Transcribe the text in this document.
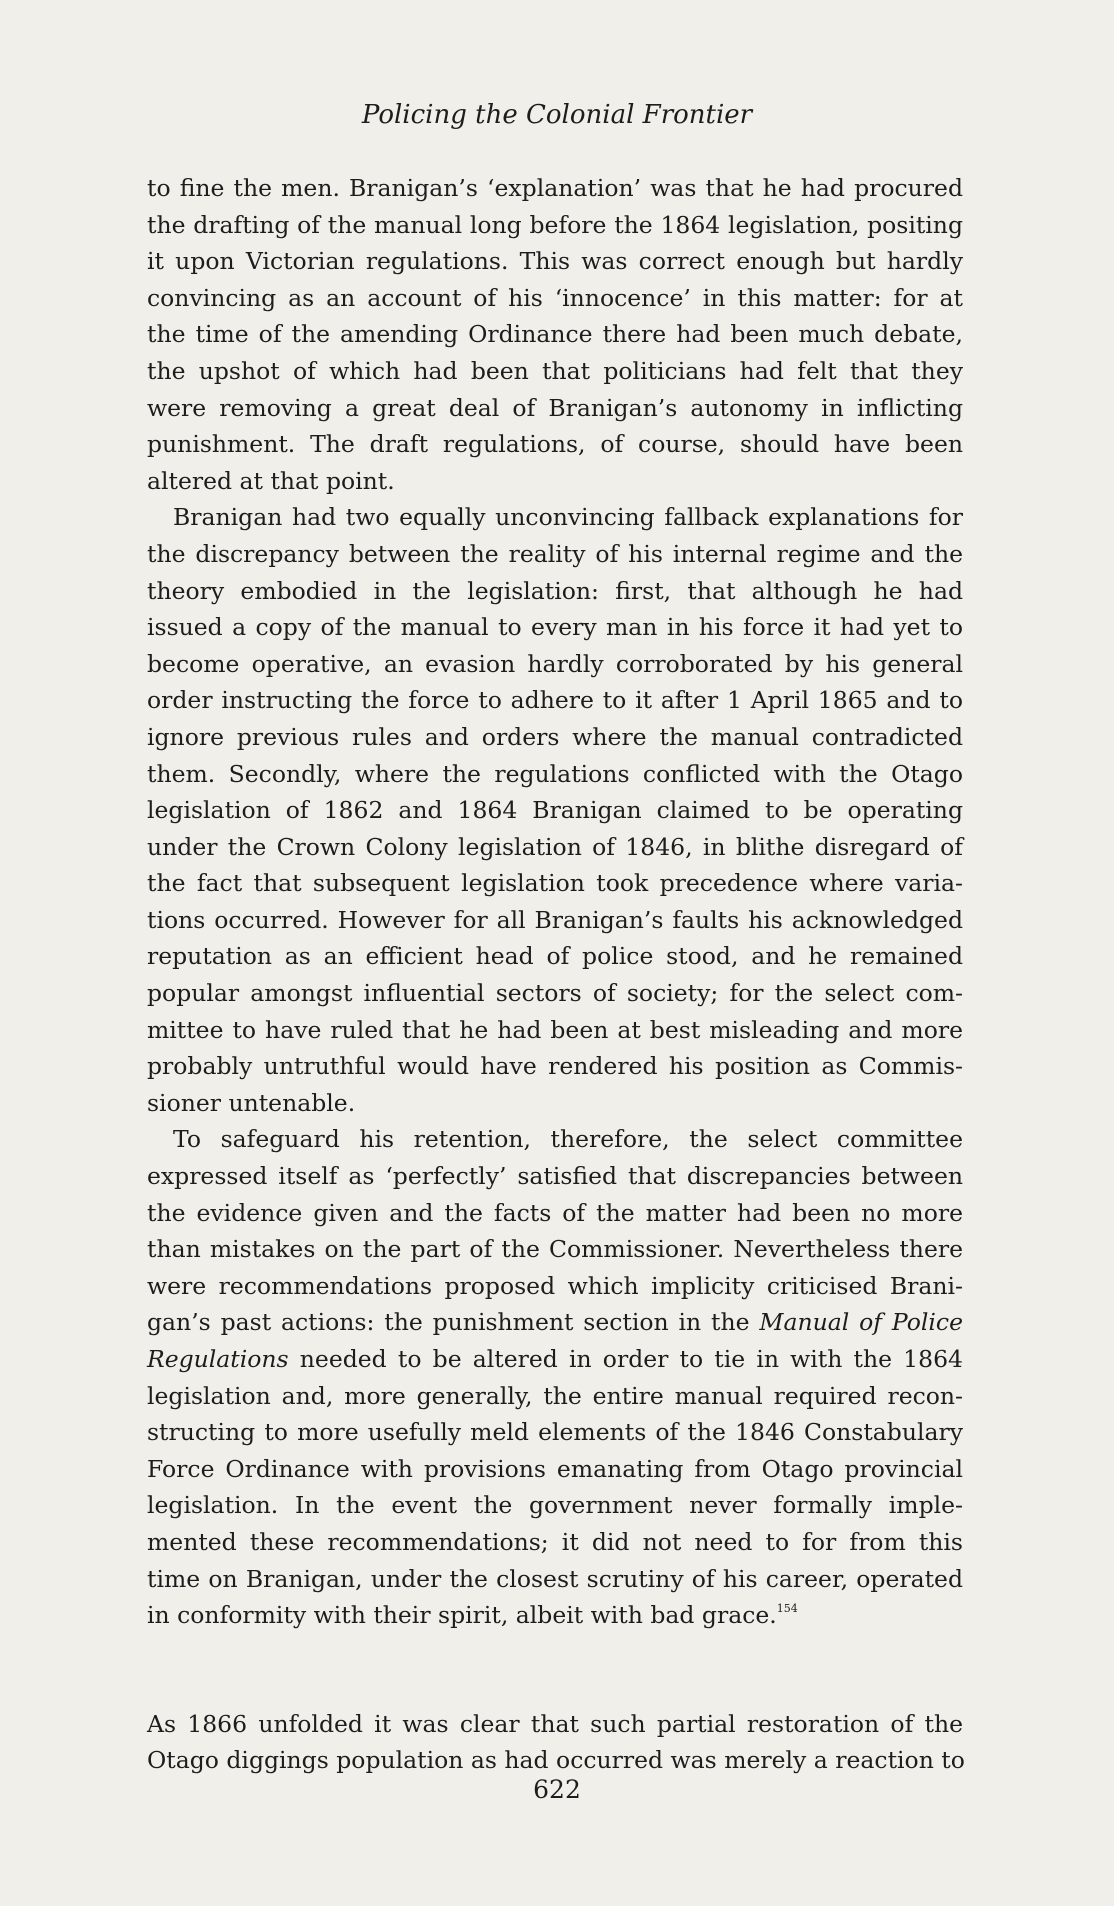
Policing the Colonial Frontier
to fine the men. Branigan’s ‘explanation’ was that he had procured
the drafting of the manual long before the 1864 legislation, positing
it upon Victorian regulations. This was correct enough but hardly
convincing as an account of his ‘innocence’ in this matter: for at
the time of the amending Ordinance there had been much debate,
the upshot of which had been that politicians had felt that they
were removing a great deal of Branigan’s autonomy in inflicting
punishment. The draft regulations, of course, should have been
altered at that point.
Branigan had two equally unconvincing fallback explanations for
the discrepancy between the reality of his internal regime and the
theory embodied in the legislation: first, that although he had
issued a copy of the manual to every man in his force it had yet to
become operative, an evasion hardly corroborated by his general
order instructing the force to adhere to it after 1 April 1865 and to
ignore previous rules and orders where the manual contradicted
them. Secondly, where the regulations conflicted with the Otago
legislation of 1862 and 1864 Branigan claimed to be operating
under the Crown Colony legislation of 1846, in blithe disregard of
the fact that subsequent legislation took precedence where varia-
tions occurred. However for all Branigan’s faults his acknowledged
reputation as an efficient head of police stood, and he remained
popular amongst influential sectors of society; for the select com-
mittee to have ruled that he had been at best misleading and more
probably untruthful would have rendered his position as Commis-
sioner untenable.
To safeguard his retention, therefore, the select committee
expressed itself as ‘perfectly’ satisfied that discrepancies between
the evidence given and the facts of the matter had been no more
than mistakes on the part of the Commissioner. Nevertheless there
were recommendations proposed which implicity criticised Brani-
gan’s past actions: the punishment section in the Manual of Police
Regulations needed to be altered in order to tie in with the 1864
legislation and, more generally, the entire manual required recon-
structing to more usefully meld elements of the 1846 Constabulary
Force Ordinance with provisions emanating from Otago provincial
legislation. In the event the government never formally imple-
mented these recommendations; it did not need to for from this
time on Branigan, under the closest scrutiny of his career, operated
in conformity with their spirit, albeit with bad grace.$^{154}$
As 1866 unfolded it was clear that such partial restoration of the
Otago diggings population as had occurred was merely a reaction to
622
